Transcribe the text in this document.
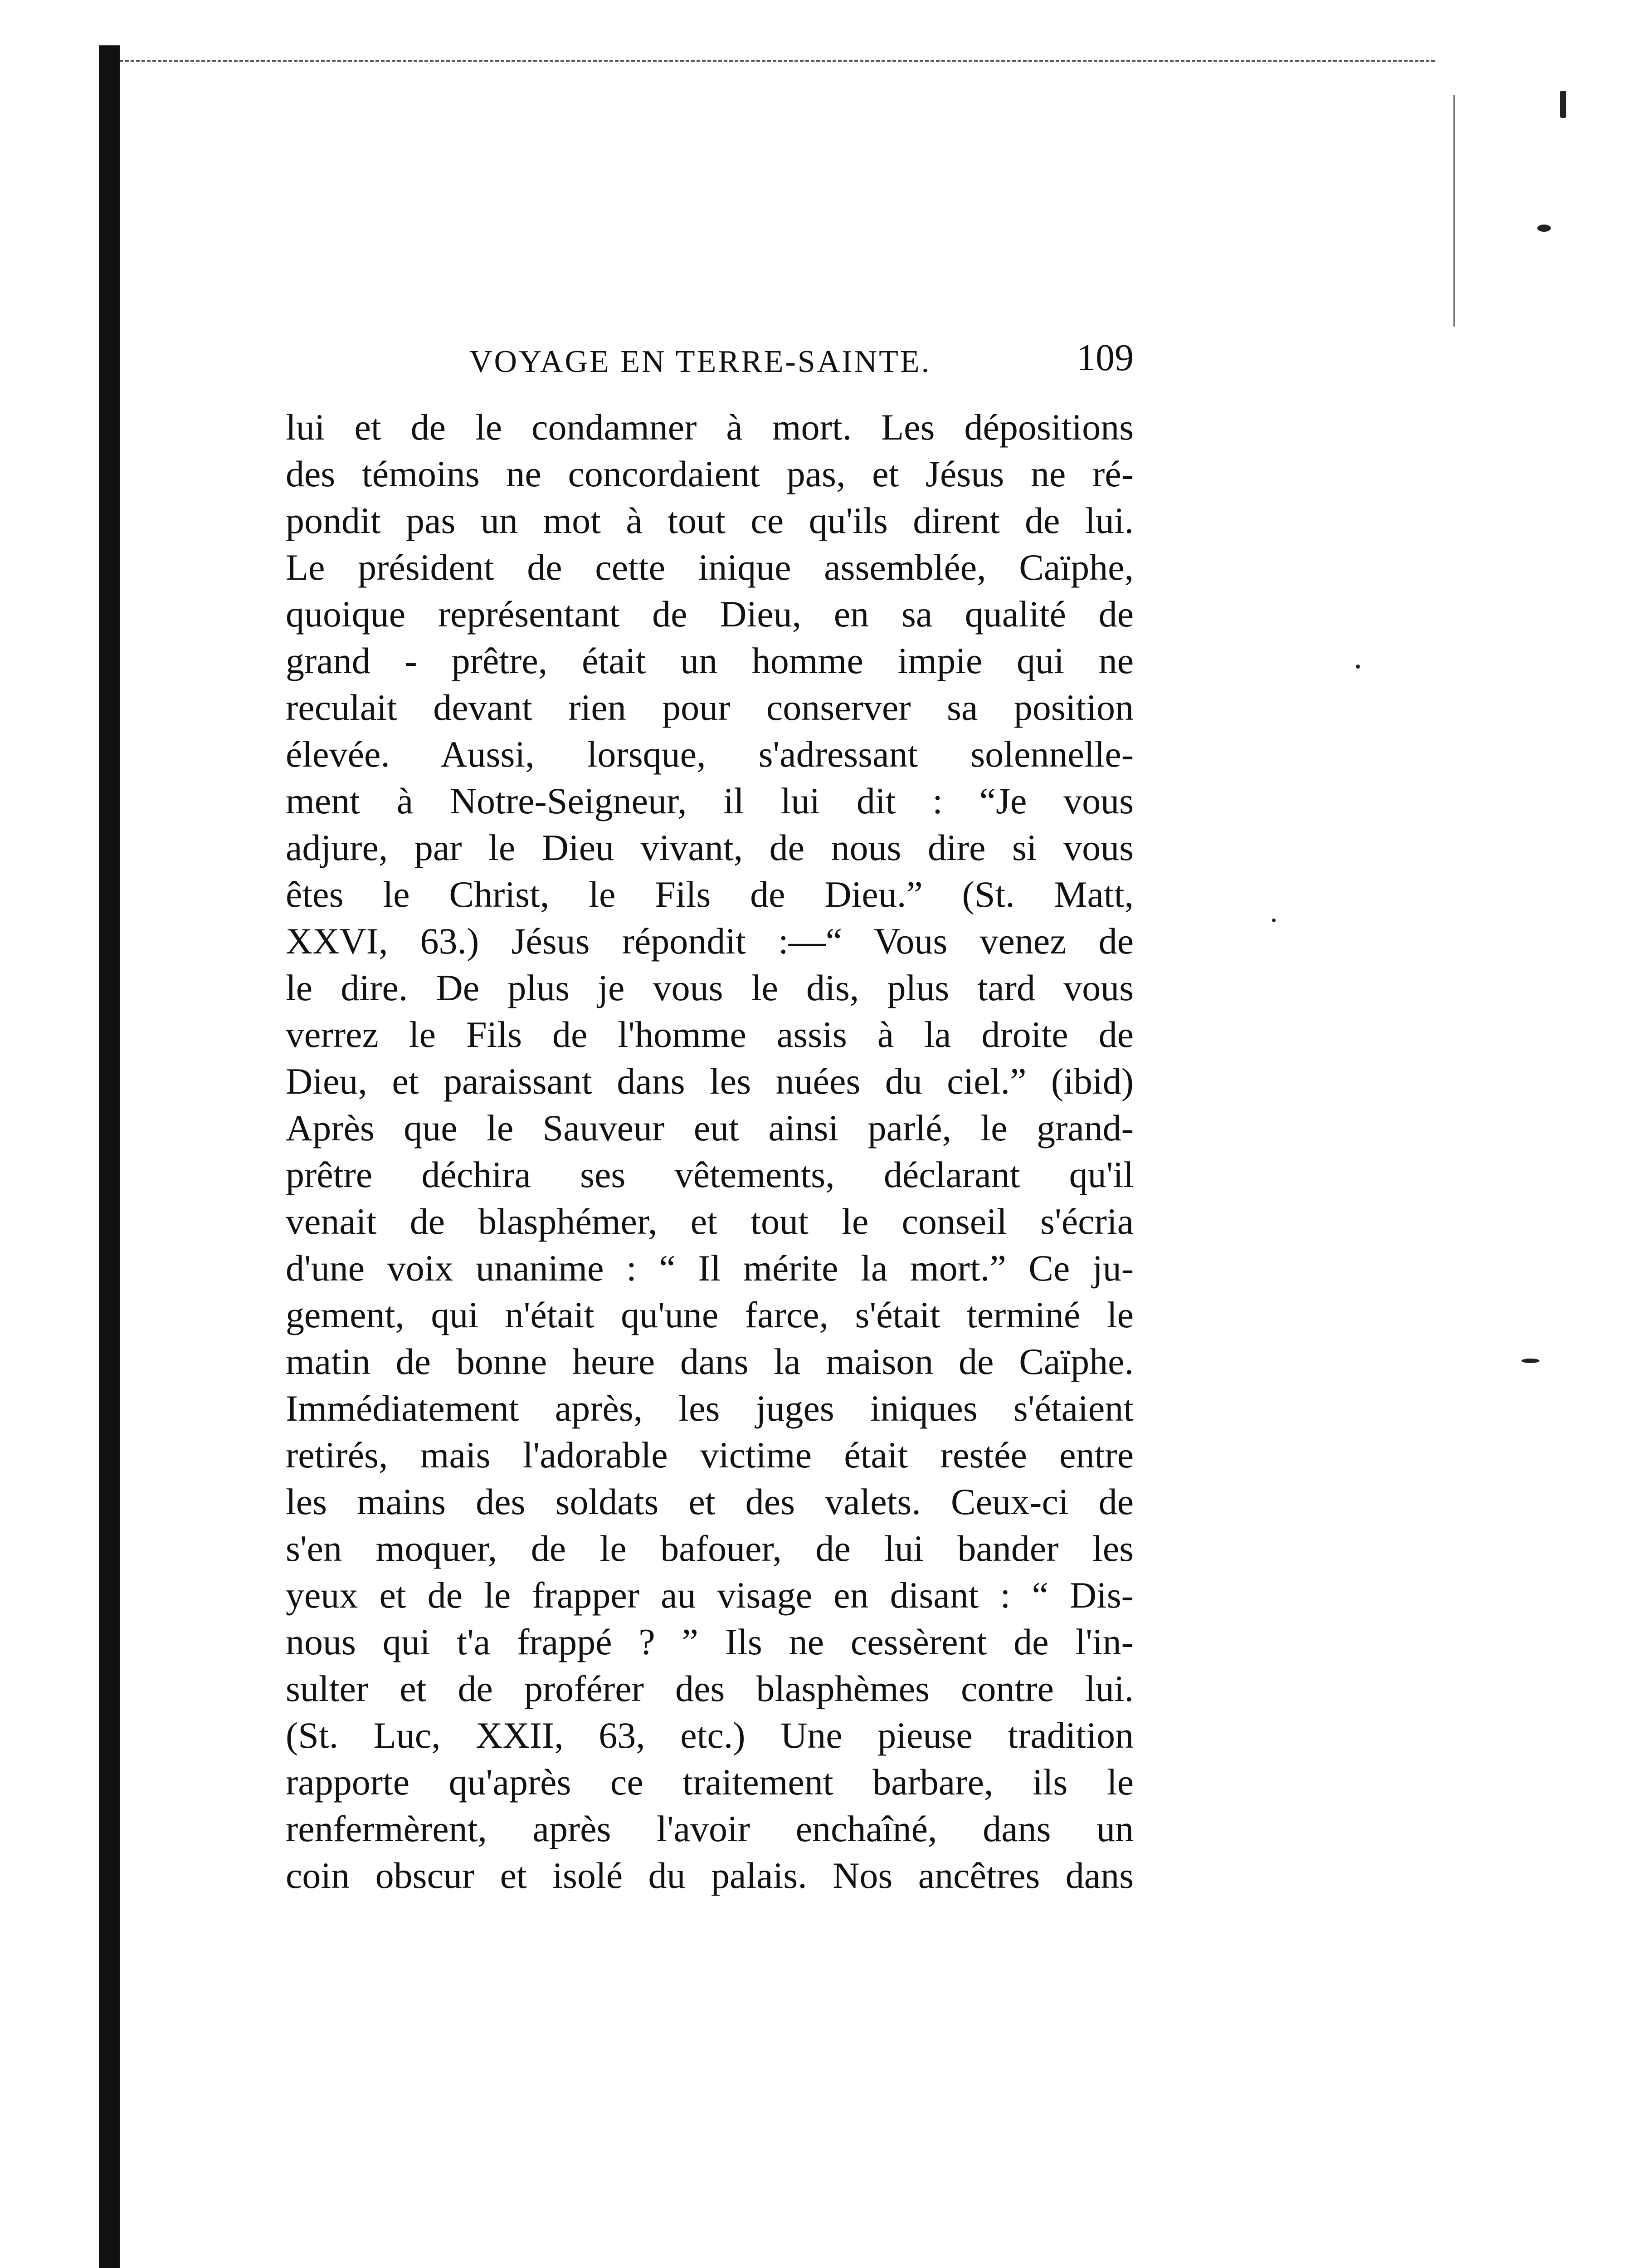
VOYAGE EN TERRE-SAINTE.	109
lui et de le condamner à mort. Les dépositions
des témoins ne concordaient pas, et Jésus ne ré-
pondit pas un mot à tout ce qu'ils dirent de lui.
Le président de cette inique assemblée, Caïphe,
quoique représentant de Dieu, en sa qualité de
grand - prêtre, était un homme impie qui ne
reculait devant rien pour conserver sa position
élevée. Aussi, lorsque, s'adressant solennelle-
ment à Notre-Seigneur, il lui dit : “Je vous
adjure, par le Dieu vivant, de nous dire si vous
êtes le Christ, le Fils de Dieu.” (St. Matt,
XXVI, 63.) Jésus répondit :—“ Vous venez de
le dire. De plus je vous le dis, plus tard vous
verrez le Fils de l'homme assis à la droite de
Dieu, et paraissant dans les nuées du ciel.” (ibid)
Après que le Sauveur eut ainsi parlé, le grand-
prêtre déchira ses vêtements, déclarant qu'il
venait de blasphémer, et tout le conseil s'écria
d'une voix unanime : “ Il mérite la mort.” Ce ju-
gement, qui n'était qu'une farce, s'était terminé le
matin de bonne heure dans la maison de Caïphe.
Immédiatement après, les juges iniques s'étaient
retirés, mais l'adorable victime était restée entre
les mains des soldats et des valets. Ceux-ci de
s'en moquer, de le bafouer, de lui bander les
yeux et de le frapper au visage en disant : “ Dis-
nous qui t'a frappé ? ” Ils ne cessèrent de l'in-
sulter et de proférer des blasphèmes contre lui.
(St. Luc, XXII, 63, etc.) Une pieuse tradition
rapporte qu'après ce traitement barbare, ils le
renfermèrent, après l'avoir enchaîné, dans un
coin obscur et isolé du palais. Nos ancêtres dans
